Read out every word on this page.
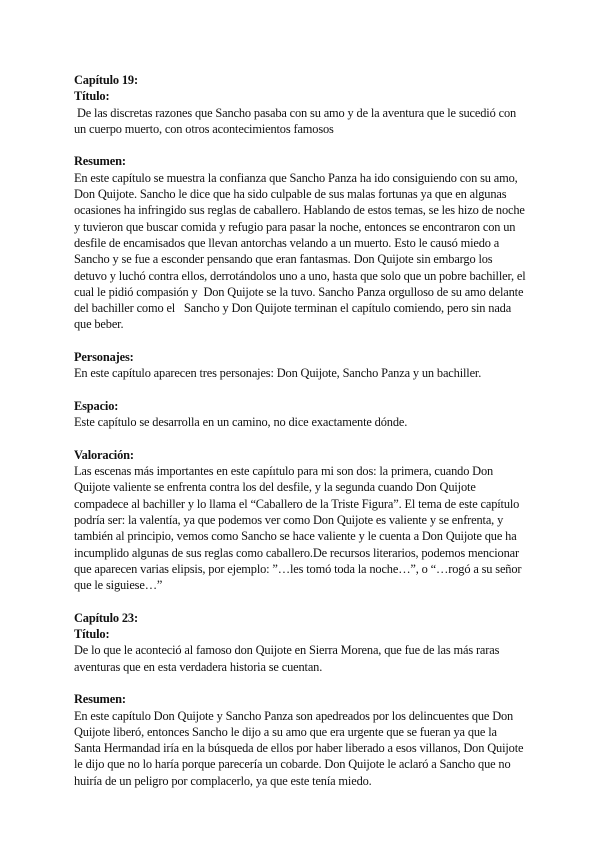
Capítulo 19:
Título:
De las discretas razones que Sancho pasaba con su amo y de la aventura que le sucedió con
un cuerpo muerto, con otros acontecimientos famosos
Resumen:
En este capítulo se muestra la confianza que Sancho Panza ha ido consiguiendo con su amo,
Don Quijote. Sancho le dice que ha sido culpable de sus malas fortunas ya que en algunas
ocasiones ha infringido sus reglas de caballero. Hablando de estos temas, se les hizo de noche
y tuvieron que buscar comida y refugio para pasar la noche, entonces se encontraron con un
desfile de encamisados que llevan antorchas velando a un muerto. Esto le causó miedo a
Sancho y se fue a esconder pensando que eran fantasmas. Don Quijote sin embargo los
detuvo y luchó contra ellos, derrotándolos uno a uno, hasta que solo que un pobre bachiller, el
cual le pidió compasión y  Don Quijote se la tuvo. Sancho Panza orgulloso de su amo delante
del bachiller como el   Sancho y Don Quijote terminan el capítulo comiendo, pero sin nada
que beber.
Personajes:
En este capítulo aparecen tres personajes: Don Quijote, Sancho Panza y un bachiller.
Espacio:
Este capítulo se desarrolla en un camino, no dice exactamente dónde.
Valoración:
Las escenas más importantes en este capíıtulo para mi son dos: la primera, cuando Don
Quijote valiente se enfrenta contra los del desfile, y la segunda cuando Don Quijote
compadece al bachiller y lo llama el “Caballero de la Triste Figura”. El tema de este capítulo
podría ser: la valentía, ya que podemos ver como Don Quijote es valiente y se enfrenta, y
también al principio, vemos como Sancho se hace valiente y le cuenta a Don Quijote que ha
incumplido algunas de sus reglas como caballero.De recursos literarios, podemos mencionar
que aparecen varias elipsis, por ejemplo: ”…les tomó toda la noche…”, o “…rogó a su señor
que le siguiese…”
Capítulo 23:
Título:
De lo que le aconteció al famoso don Quijote en Sierra Morena, que fue de las más raras
aventuras que en esta verdadera historia se cuentan.
Resumen:
En este capítulo Don Quijote y Sancho Panza son apedreados por los delincuentes que Don
Quijote liberó, entonces Sancho le dijo a su amo que era urgente que se fueran ya que la
Santa Hermandad iría en la búsqueda de ellos por haber liberado a esos villanos, Don Quijote
le dijo que no lo haría porque parecería un cobarde. Don Quijote le aclaró a Sancho que no
huiría de un peligro por complacerlo, ya que este tenía miedo.
